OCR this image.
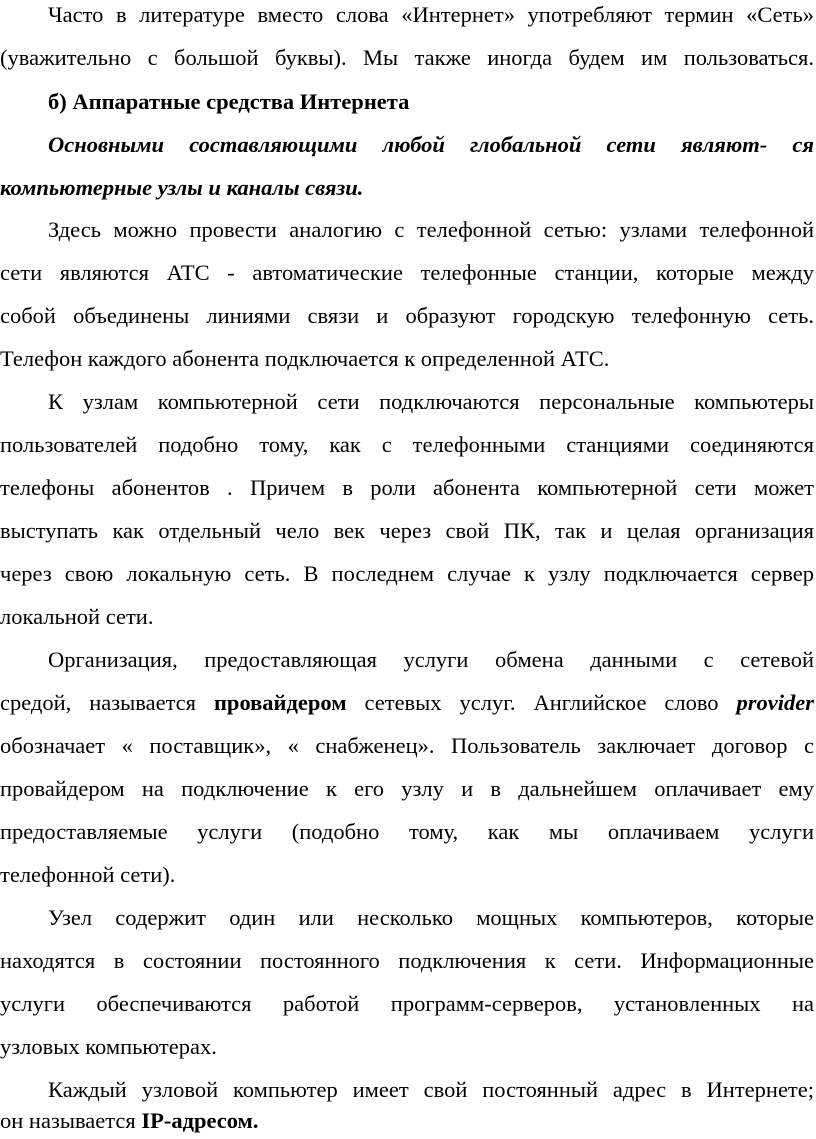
Часто в литературе вместо слова «Интернет» употребляют термин «Сеть»
(уважительно с большой буквы). Мы также иногда будем им пользоваться.
б) Аппаратные средства Интернета
Основными составляющими любой глобальной сети являют- ся
компьютерные узлы и каналы связи.
Здесь можно провести аналогию с телефонной сетью: узлами телефонной
сети являются АТС - автоматические телефонные станции, которые между
собой объединены линиями связи и образуют городскую телефонную сеть.
Телефон каждого абонента подключается к определенной АТС.
К узлам компьютерной сети подключаются персональные компьютеры
пользователей подобно тому, как с телефонными станциями соединяются
телефоны абонентов . Причем в роли абонента компьютерной сети может
выступать как отдельный чело век через свой ПК, так и целая организация
через свою локальную сеть. В последнем случае к узлу подключается сервер
локальной сети.
Организация, предоставляющая услуги обмена данными с сетевой
средой, называется провайдером сетевых услуг. Английское слово provider
обозначает « поставщик», « снабженец». Пользователь заключает договор с
провайдером на подключение к его узлу и в дальнейшем оплачивает ему
предоставляемые услуги (подобно тому, как мы оплачиваем услуги
телефонной сети).
Узел содержит один или несколько мощных компьютеров, которые
находятся в состоянии постоянного подключения к сети. Информационные
услуги обеспечиваются работой программ-серверов, установленных на
узловых компьютерах.
Каждый узловой компьютер имеет свой постоянный адрес в Интернете;
он называется IP-адресом.
